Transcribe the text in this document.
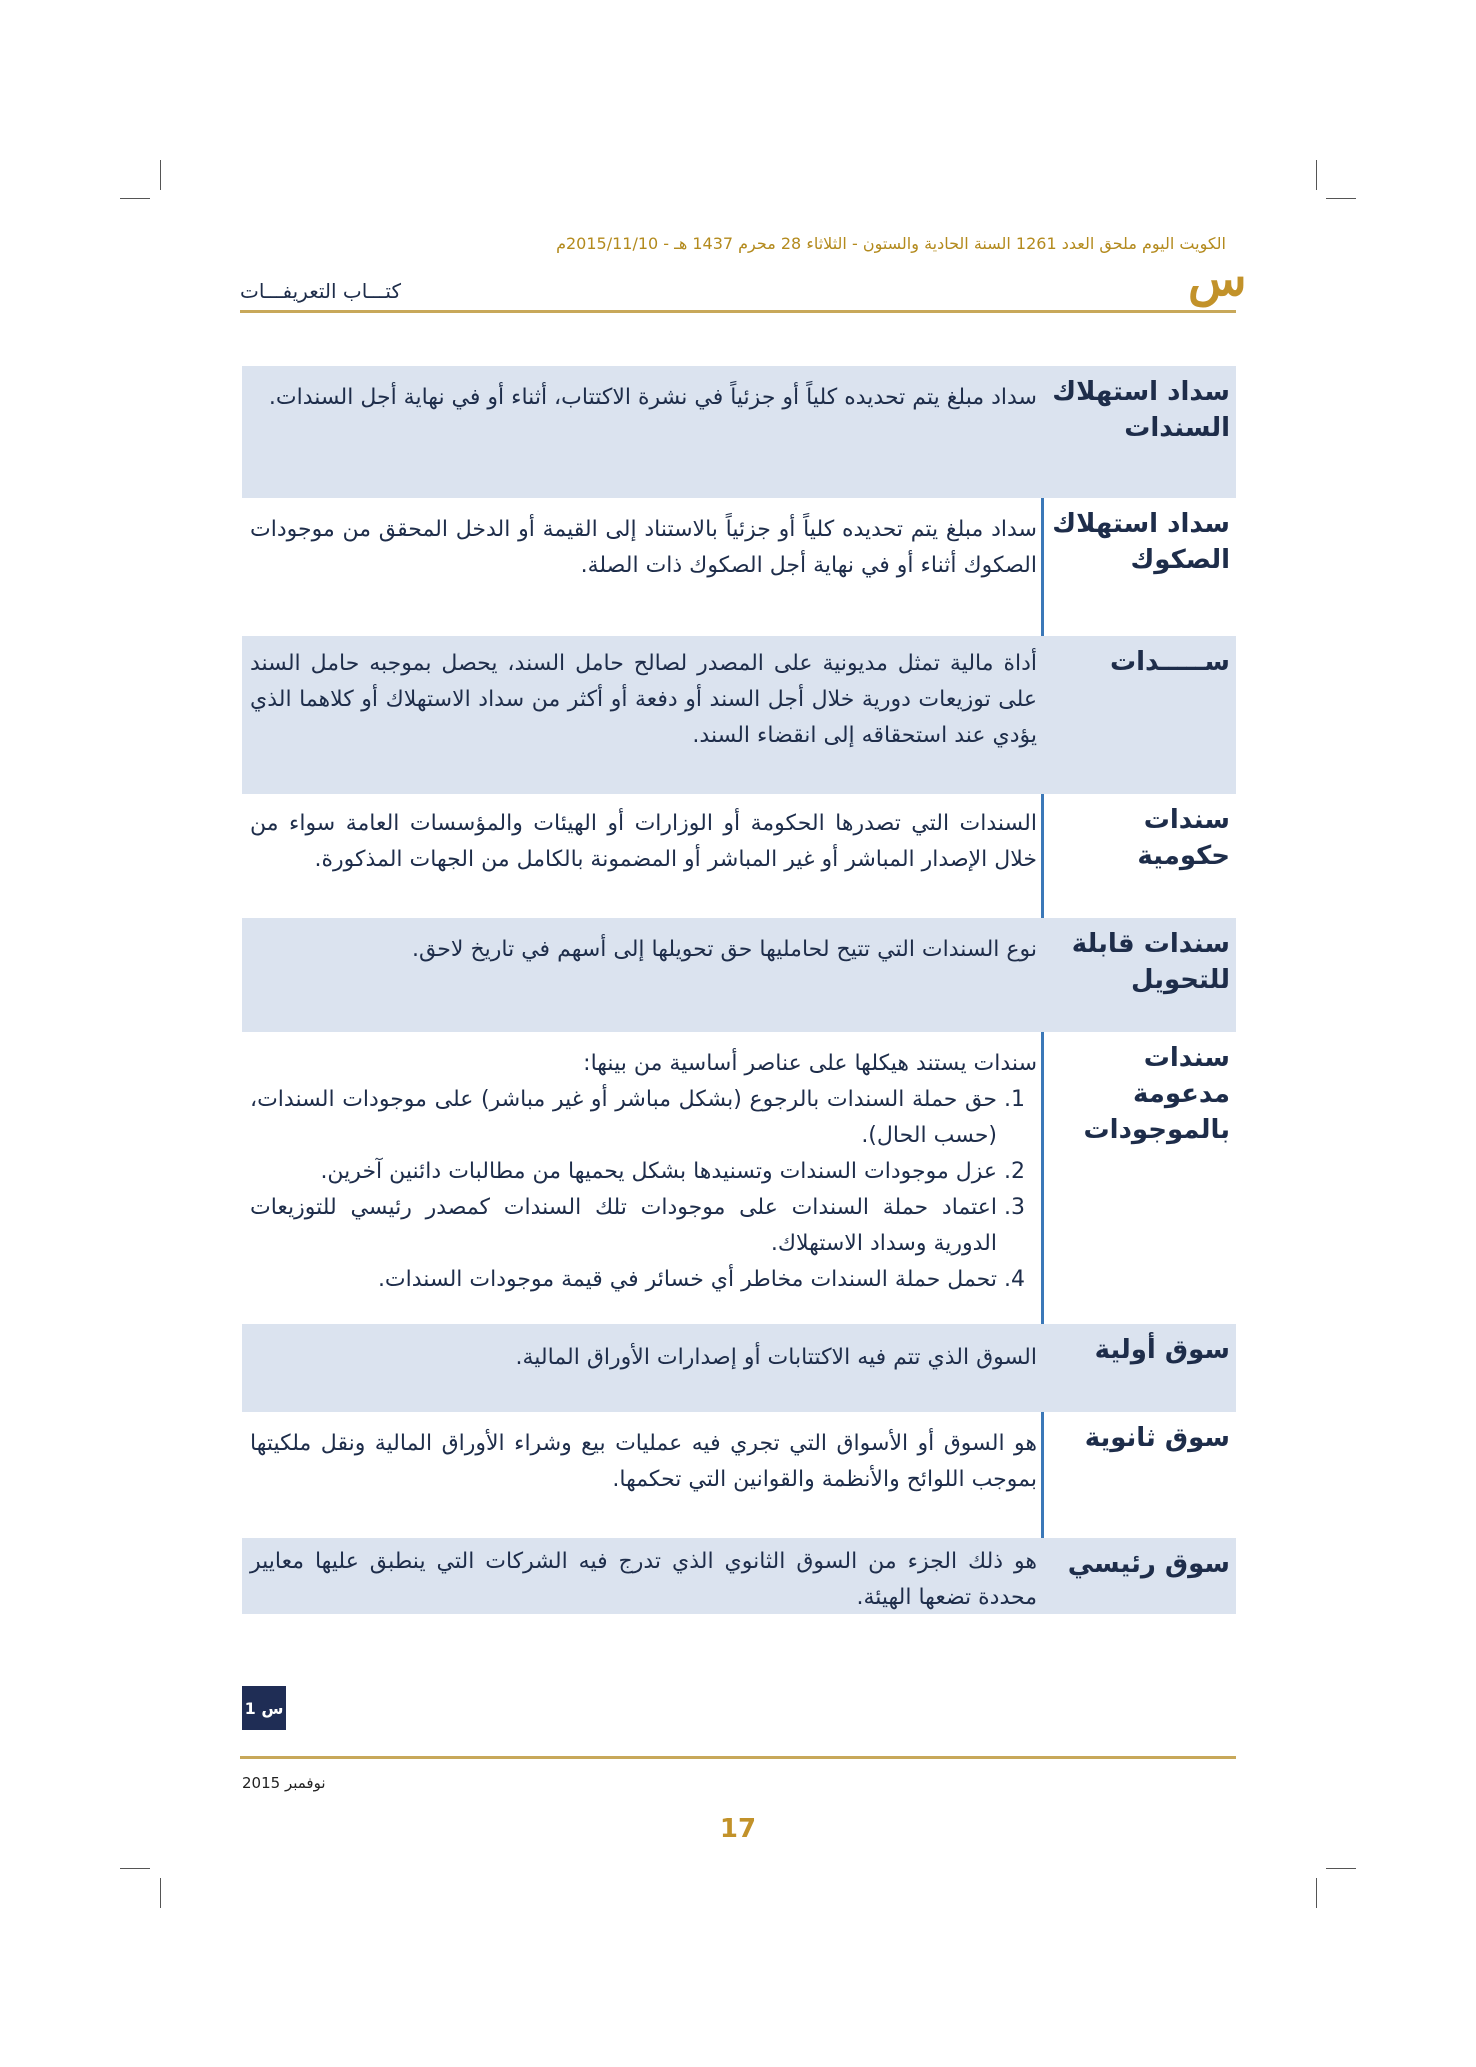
الكويت اليوم ملحق العدد 1261 السنة الحادية والستون - الثلاثاء 28 محرم 1437 هـ - 2015/11/10م
س
كتـــاب التعريفـــات
سداد مبلغ يتم تحديده كلياً أو جزئياً في نشرة الاكتتاب، أثناء أو في نهاية أجل السندات. سداد استهلاك السندات
سداد مبلغ يتم تحديده كلياً أو جزئياً بالاستناد إلى القيمة أو الدخل المحقق من موجودات الصكوك أثناء أو في نهاية أجل الصكوك ذات الصلة.
سداد استهلاك الصكوك
أداة مالية تمثل مديونية على المصدر لصالح حامل السند، يحصل بموجبه حامل السند على توزيعات دورية خلال أجل السند أو دفعة أو أكثر من سداد الاستهلاك أو كلاهما الذي يؤدي عند استحقاقه إلى انقضاء السند.
ســـــدات
السندات التي تصدرها الحكومة أو الوزارات أو الهيئات والمؤسسات العامة سواء من خلال الإصدار المباشر أو غير المباشر أو المضمونة بالكامل من الجهات المذكورة.
سندات حكومية
نوع السندات التي تتيح لحامليها حق تحويلها إلى أسهم في تاريخ لاحق.	سندات قابلة للتحويل
سندات يستند هيكلها على عناصر أساسية من بينها:
1. حق حملة السندات بالرجوع (بشكل مباشر أو غير مباشر) على موجودات السندات، (حسب الحال).
2. عزل موجودات السندات وتسنيدها بشكل يحميها من مطالبات دائنين آخرين.
3. اعتماد حملة السندات على موجودات تلك السندات كمصدر رئيسي للتوزيعات الدورية وسداد الاستهلاك.
4. تحمل حملة السندات مخاطر أي خسائر في قيمة موجودات السندات.
سندات مدعومة بالموجودات
السوق الذي تتم فيه الاكتتابات أو إصدارات الأوراق المالية.	سوق أولية
هو السوق أو الأسواق التي تجري فيه عمليات بيع وشراء الأوراق المالية ونقل ملكيتها بموجب اللوائح والأنظمة والقوانين التي تحكمها.
سوق ثانوية
هو ذلك الجزء من السوق الثانوي الذي تدرج فيه الشركات التي ينطبق عليها معايير محددة تضعها الهيئة.
سوق رئيسي
س 1
نوفمبر 2015
17
